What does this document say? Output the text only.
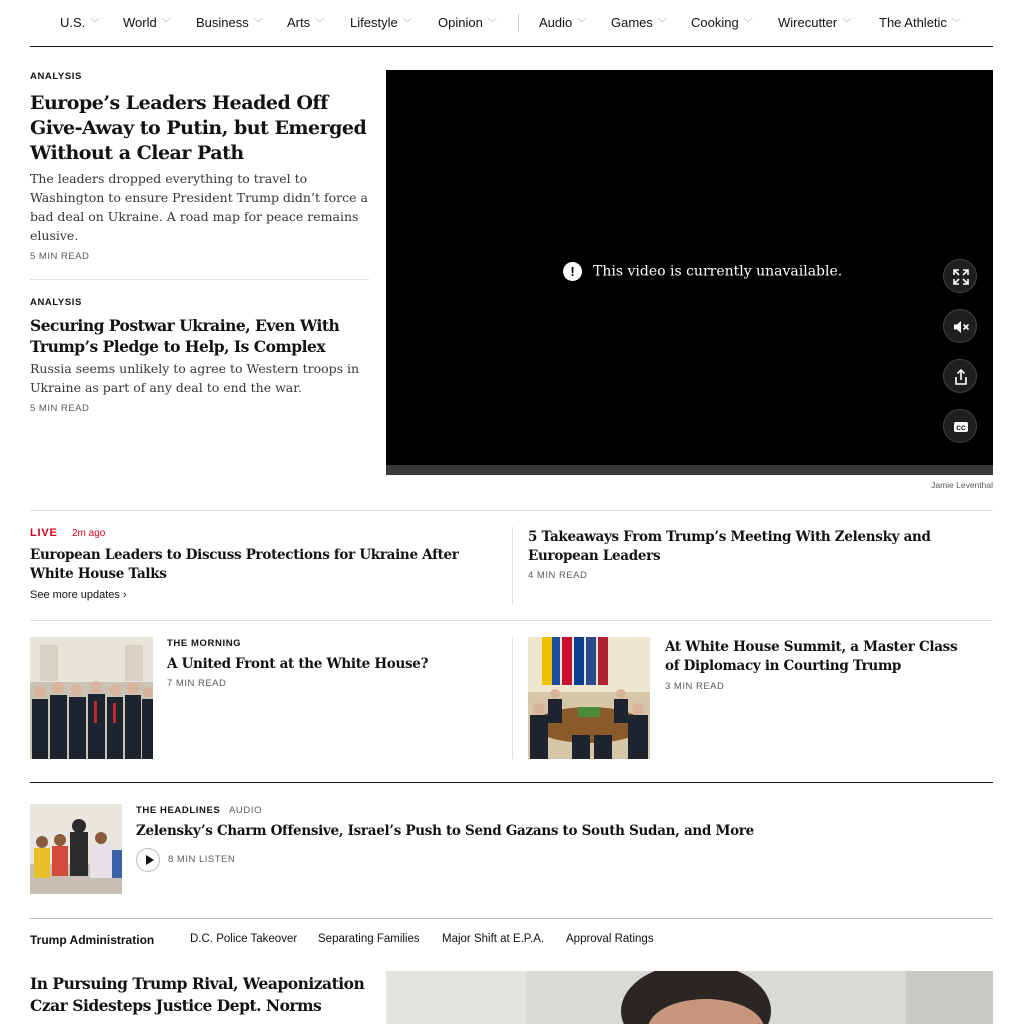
U.S. ﹀ World ﹀ Business ﹀ Arts ﹀ Lifestyle ﹀ Opinion ﹀	Audio ﹀ Games ﹀ Cooking ﹀ Wirecutter ﹀ The Athletic ﹀
ANALYSIS
Europe’s Leaders Headed Off Give-Away to Putin, but Emerged Without a Clear Path
The leaders dropped everything to travel to Washington to ensure President Trump didn’t force a bad deal on Ukraine. A road map for peace remains elusive.
5 MIN READ
ANALYSIS
Securing Postwar Ukraine, Even With Trump’s Pledge to Help, Is Complex
Russia seems unlikely to agree to Western troops in Ukraine as part of any deal to end the war.
5 MIN READ
! This video is currently unavailable.
CC
Jamie Leventhal
LIVE 2m ago
European Leaders to Discuss Protections for Ukraine After White House Talks
See more updates ›
5 Takeaways From Trump’s Meeting With Zelensky and European Leaders
4 MIN READ
THE MORNING
A United Front at the White House?
7 MIN READ
At White House Summit, a Master Class of Diplomacy in Courting Trump
3 MIN READ
THE HEADLINES AUDIO
Zelensky’s Charm Offensive, Israel’s Push to Send Gazans to South Sudan, and More
8 MIN LISTEN
Trump Administration	D.C. Police Takeover Separating Families Major Shift at E.P.A. Approval Ratings
In Pursuing Trump Rival, Weaponization Czar Sidesteps Justice Dept. Norms
